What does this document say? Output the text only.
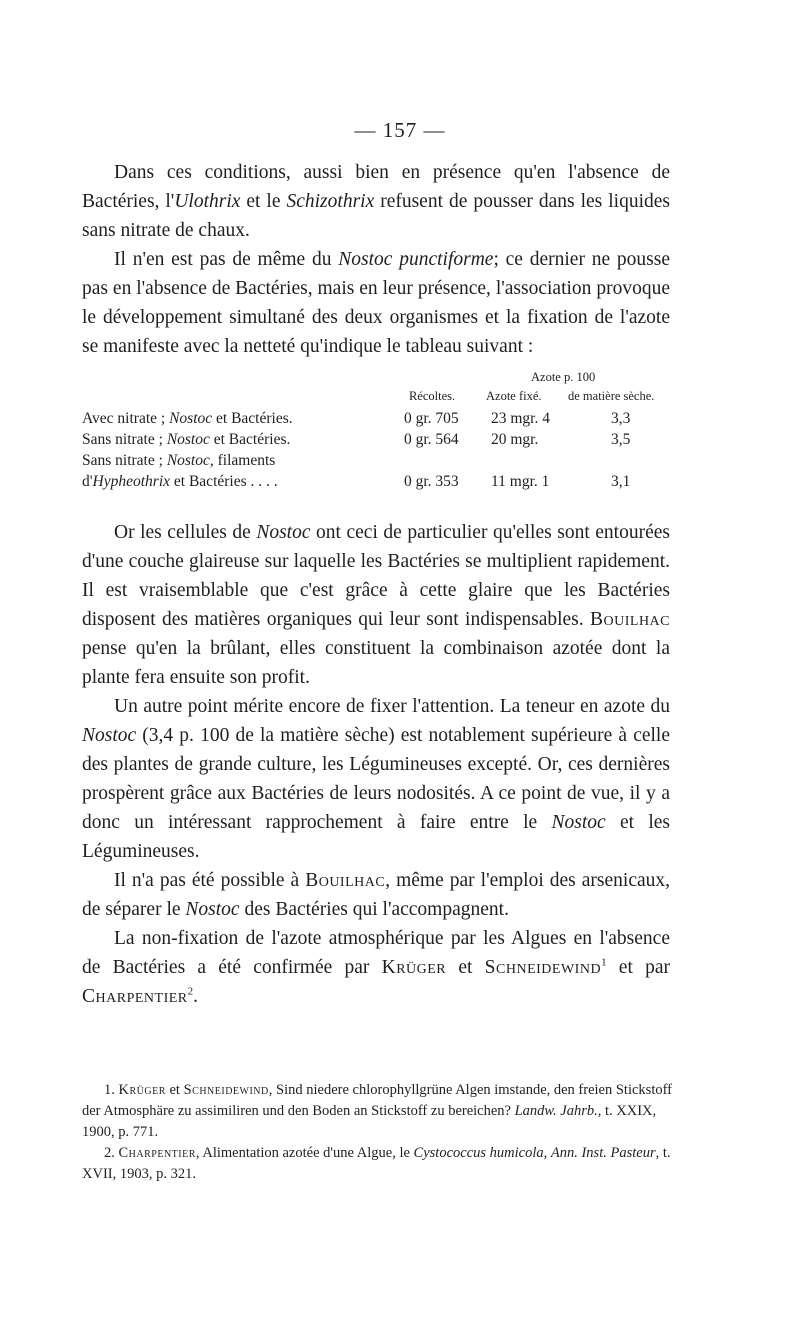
— 157 —

Dans ces conditions, aussi bien en présence qu'en l'absence de Bactéries, l'Ulothrix et le Schizothrix refusent de pousser dans les liquides sans nitrate de chaux.

Il n'en est pas de même du Nostoc punctiforme; ce dernier ne pousse pas en l'absence de Bactéries, mais en leur présence, l'association provoque le développement simultané des deux organismes et la fixation de l'azote se manifeste avec la netteté qu'indique le tableau suivant :

Azote p. 100
Récoltes. Azote fixé. de matière sèche.
Avec nitrate ; Nostoc et Bactéries.	0 gr. 705 23 mgr. 4	3,3
Sans nitrate ; Nostoc et Bactéries.	0 gr. 564 20 mgr.	3,5
Sans nitrate ; Nostoc, filaments
d'Hypheothrix et Bactéries . . . .	0 gr. 353 11 mgr. 1	3,1

Or les cellules de Nostoc ont ceci de particulier qu'elles sont entourées d'une couche glaireuse sur laquelle les Bactéries se multiplient rapidement. Il est vraisemblable que c'est grâce à cette glaire que les Bactéries disposent des matières organiques qui leur sont indispensables. Bouilhac pense qu'en la brûlant, elles constituent la combinaison azotée dont la plante fera ensuite son profit.

Un autre point mérite encore de fixer l'attention. La teneur en azote du Nostoc (3,4 p. 100 de la matière sèche) est notablement supérieure à celle des plantes de grande culture, les Légumineuses excepté. Or, ces dernières prospèrent grâce aux Bactéries de leurs nodosités. A ce point de vue, il y a donc un intéressant rapprochement à faire entre le Nostoc et les Légumineuses.

Il n'a pas été possible à Bouilhac, même par l'emploi des arsenicaux, de séparer le Nostoc des Bactéries qui l'accompagnent.

La non-fixation de l'azote atmosphérique par les Algues en l'absence de Bactéries a été confirmée par Krüger et Schneidewind$^1$ et par Charpentier$^2$.

1. Krüger et Schneidewind, Sind niedere chlorophyllgrüne Algen imstande, den freien Stickstoff der Atmosphäre zu assimiliren und den Boden an Stickstoff zu bereichen? Landw. Jahrb., t. XXIX, 1900, p. 771.

2. Charpentier, Alimentation azotée d'une Algue, le Cystococcus humicola, Ann. Inst. Pasteur, t. XVII, 1903, p. 321.
